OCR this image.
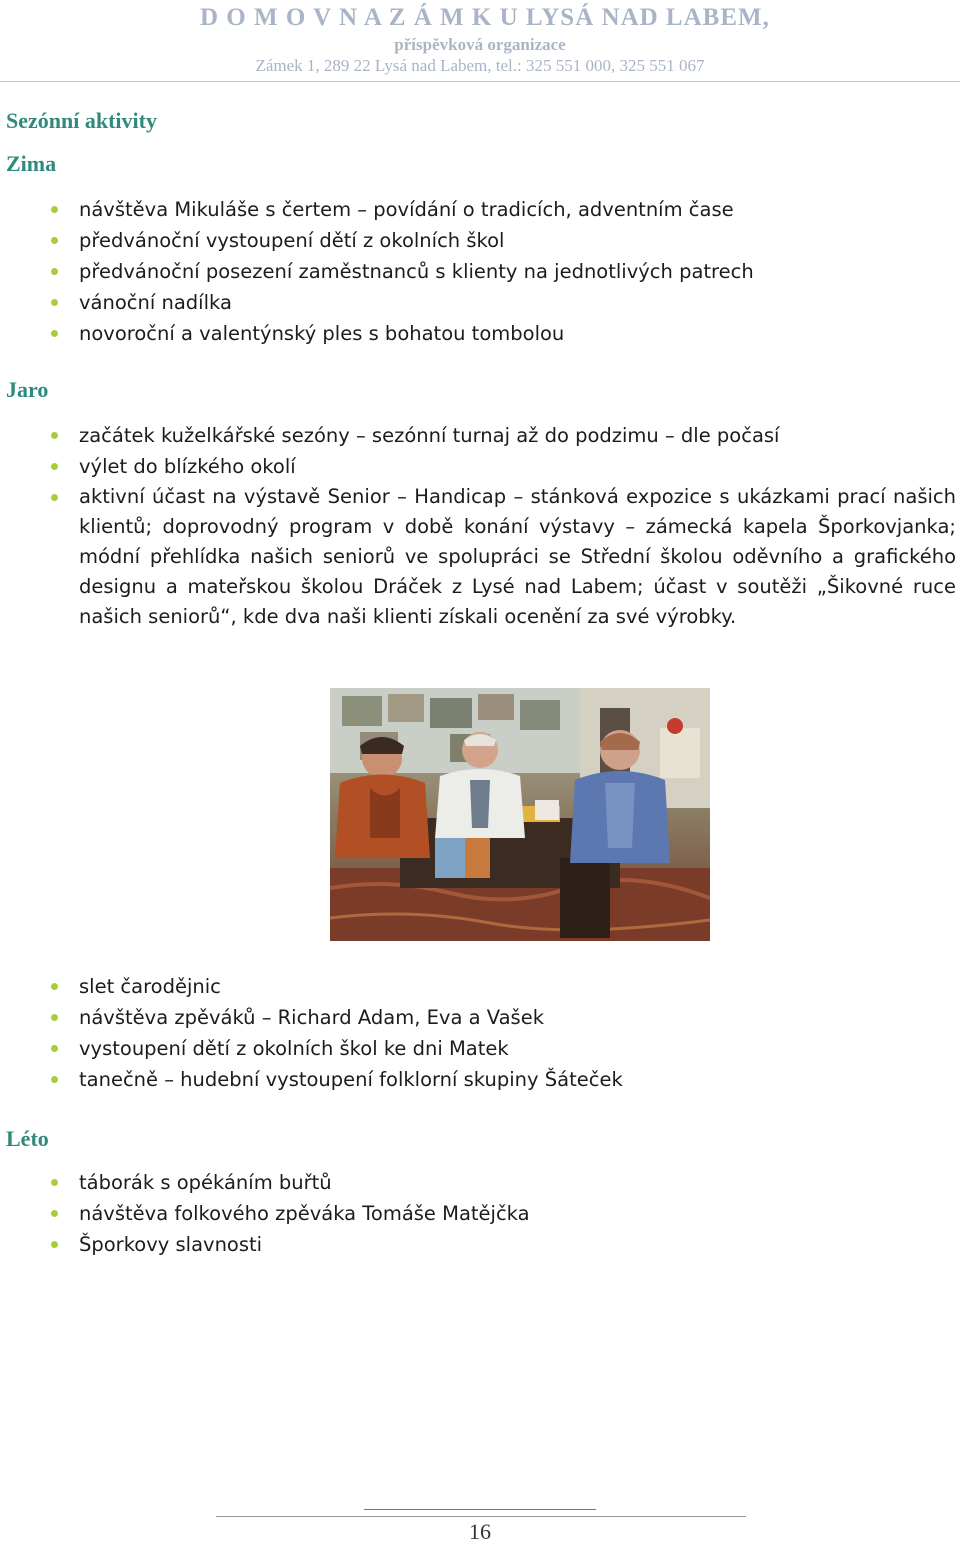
D O M O V N A Z Á M K U LYSÁ NAD LABEM,
příspěvková organizace
Zámek 1, 289 22 Lysá nad Labem, tel.: 325 551 000, 325 551 067
Sezónní aktivity
Zima
návštěva Mikuláše s čertem – povídání o tradicích, adventním čase
předvánoční vystoupení dětí z okolních škol
předvánoční posezení zaměstnanců s klienty na jednotlivých patrech
vánoční nadílka
novoroční a valentýnský ples s bohatou tombolou
Jaro
začátek kuželkářské sezóny – sezónní turnaj až do podzimu – dle počasí
výlet do blízkého okolí
aktivní účast na výstavě Senior – Handicap – stánková expozice s ukázkami prací našich klientů; doprovodný program v době konání výstavy – zámecká kapela Šporkovjanka; módní přehlídka našich seniorů ve spolupráci se Střední školou oděvního a grafického designu a mateřskou školou Dráček z Lysé nad Labem; účast v soutěži „Šikovné ruce našich seniorů“, kde dva naši klienti získali ocenění za své výrobky.
slet čarodějnic
návštěva zpěváků – Richard Adam, Eva a Vašek
vystoupení dětí z okolních škol ke dni Matek
tanečně – hudební vystoupení folklorní skupiny Šáteček
Léto
táborák s opékáním buřtů
návštěva folkového zpěváka Tomáše Matějčka
Šporkovy slavnosti
16
